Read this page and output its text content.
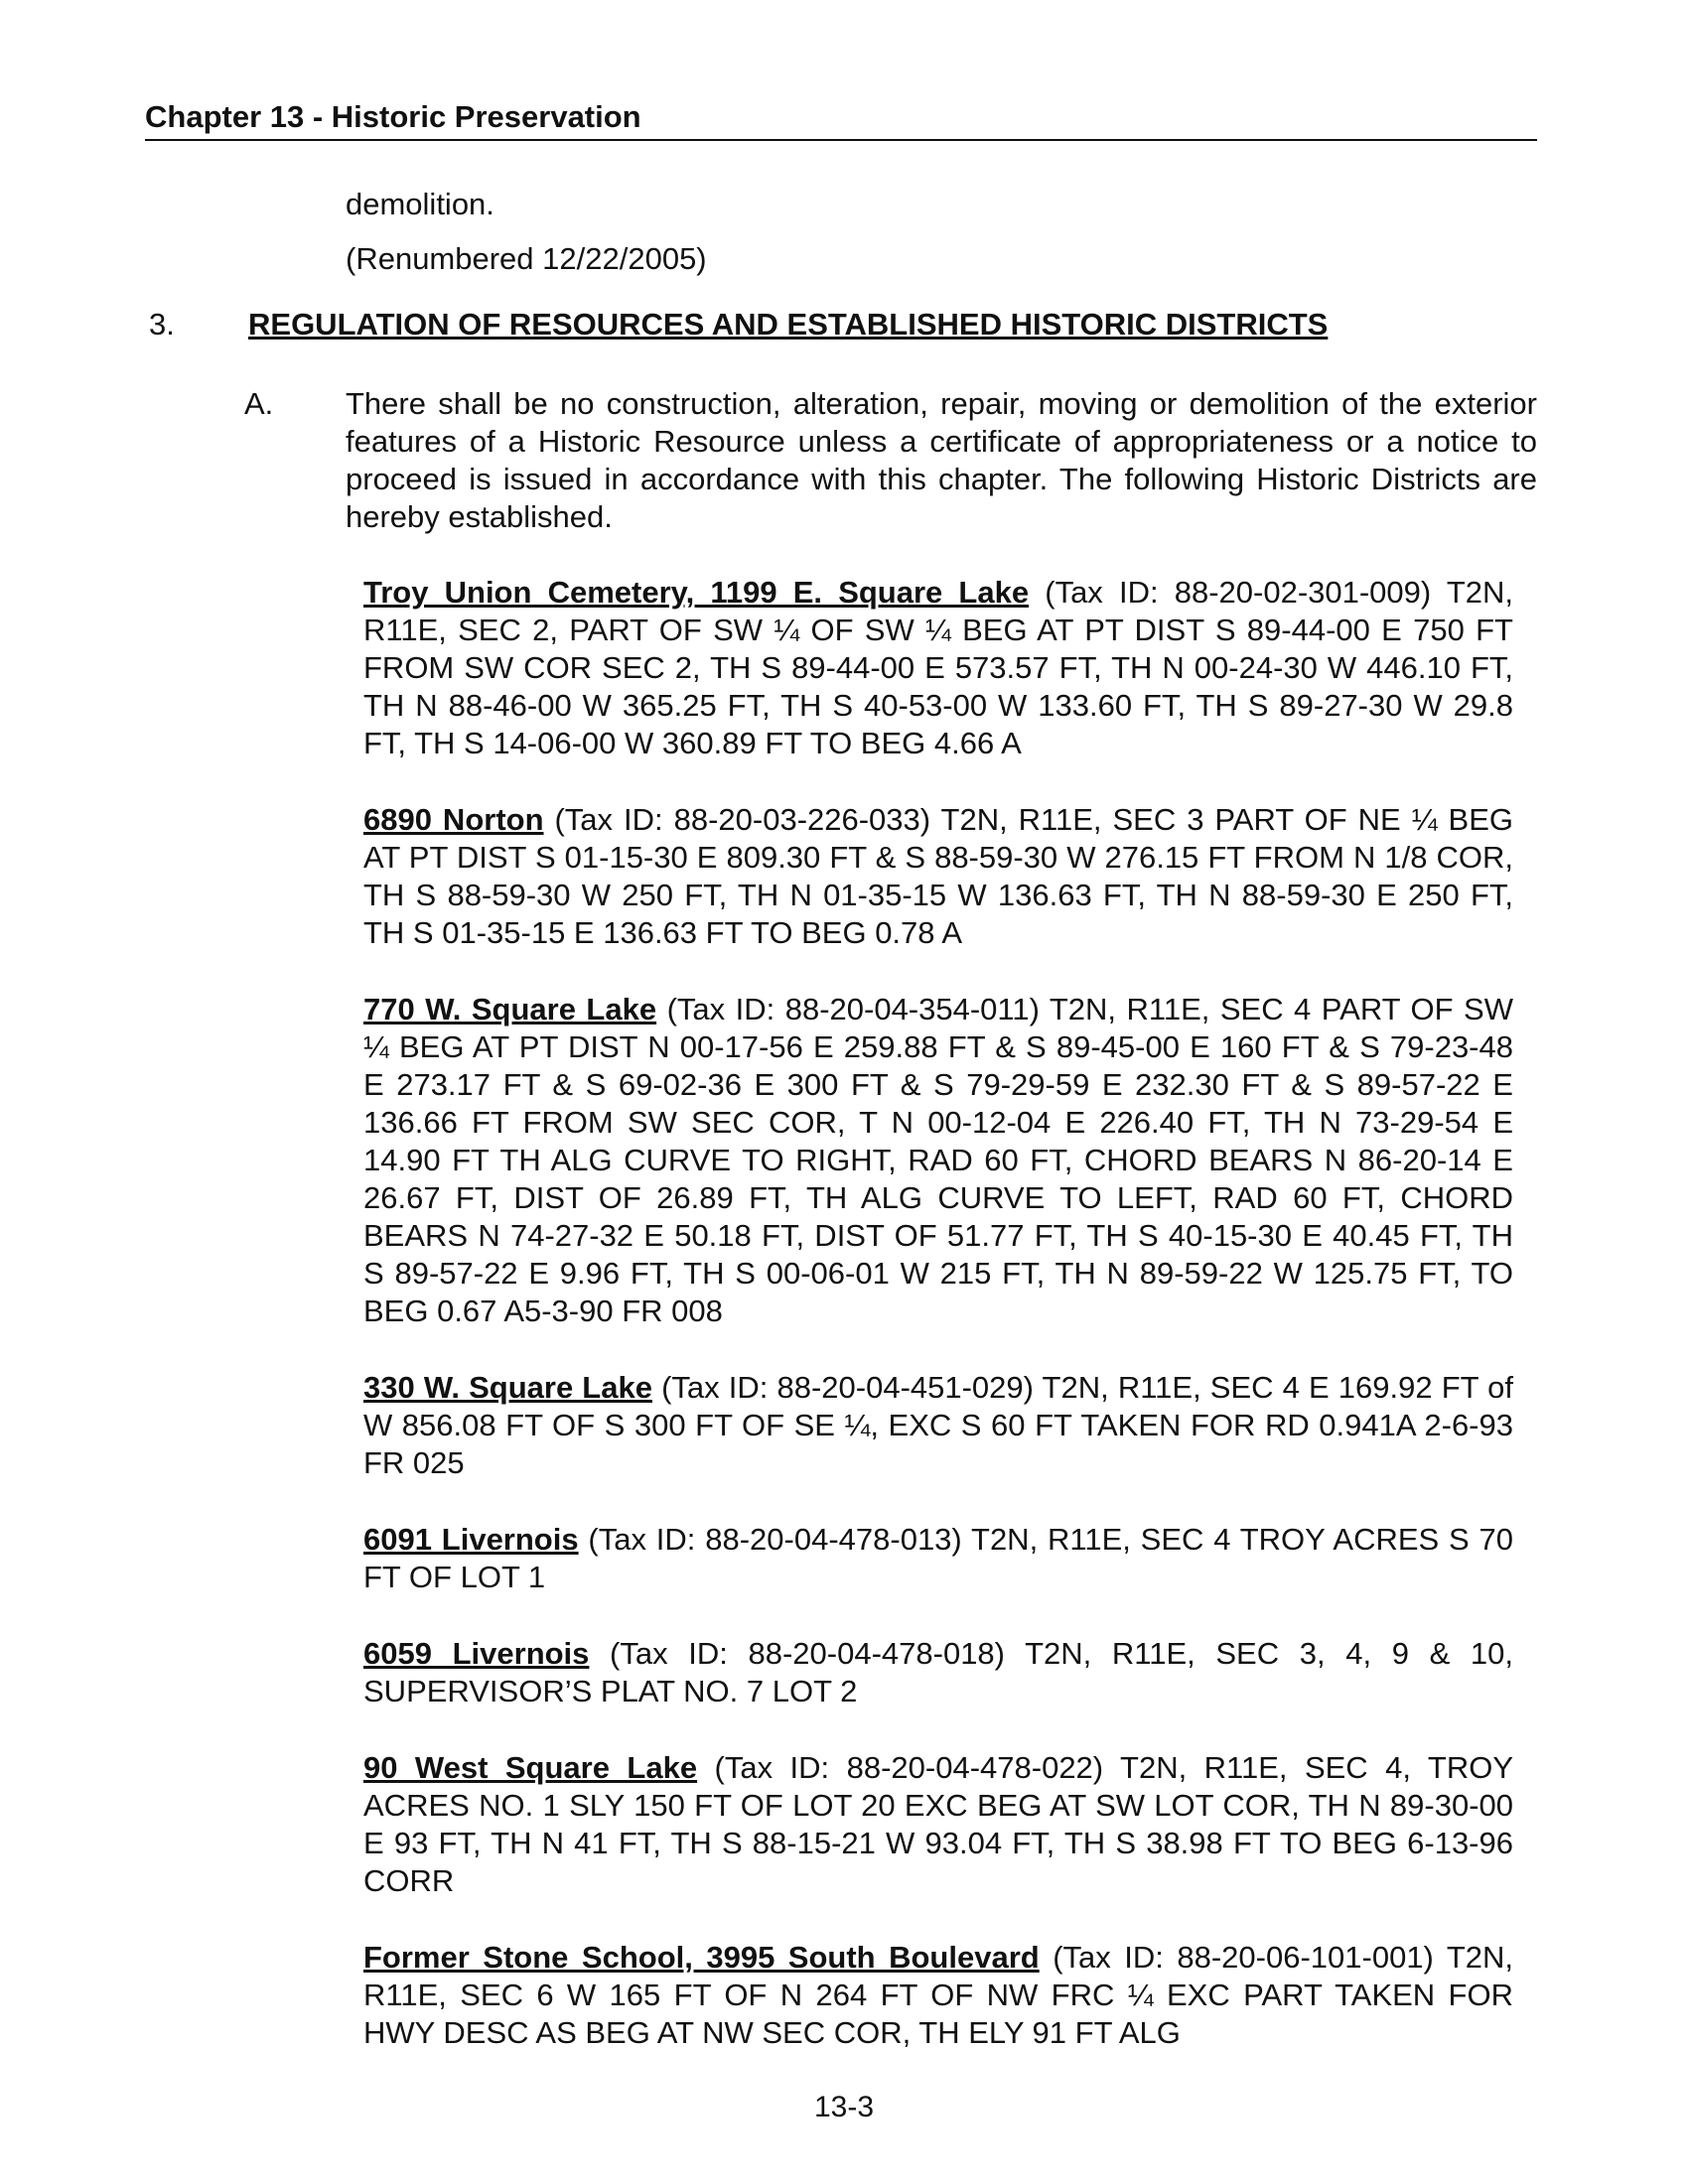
Chapter 13 - Historic Preservation

demolition.

(Renumbered 12/22/2005)

3. REGULATION OF RESOURCES AND ESTABLISHED HISTORIC DISTRICTS
A. There shall be no construction, alteration, repair, moving or demolition of the exterior features of a Historic Resource unless a certificate of appropriateness or a notice to proceed is issued in accordance with this chapter. The following Historic Districts are hereby established.

Troy Union Cemetery, 1199 E. Square Lake (Tax ID: 88-20-02-301-009) T2N, R11E, SEC 2, PART OF SW ¼ OF SW ¼ BEG AT PT DIST S 89-44-00 E 750 FT FROM SW COR SEC 2, TH S 89-44-00 E 573.57 FT, TH N 00-24-30 W 446.10 FT, TH N 88-46-00 W 365.25 FT, TH S 40-53-00 W 133.60 FT, TH S 89-27-30 W 29.8 FT, TH S 14-06-00 W 360.89 FT TO BEG 4.66 A

6890 Norton (Tax ID: 88-20-03-226-033) T2N, R11E, SEC 3 PART OF NE ¼ BEG AT PT DIST S 01-15-30 E 809.30 FT & S 88-59-30 W 276.15 FT FROM N 1/8 COR, TH S 88-59-30 W 250 FT, TH N 01-35-15 W 136.63 FT, TH N 88-59-30 E 250 FT, TH S 01-35-15 E 136.63 FT TO BEG 0.78 A

770 W. Square Lake (Tax ID: 88-20-04-354-011) T2N, R11E, SEC 4 PART OF SW ¼ BEG AT PT DIST N 00-17-56 E 259.88 FT & S 89-45-00 E 160 FT & S 79-23-48 E 273.17 FT & S 69-02-36 E 300 FT & S 79-29-59 E 232.30 FT & S 89-57-22 E 136.66 FT FROM SW SEC COR, T N 00-12-04 E 226.40 FT, TH N 73-29-54 E 14.90 FT TH ALG CURVE TO RIGHT, RAD 60 FT, CHORD BEARS N 86-20-14 E 26.67 FT, DIST OF 26.89 FT, TH ALG CURVE TO LEFT, RAD 60 FT, CHORD BEARS N 74-27-32 E 50.18 FT, DIST OF 51.77 FT, TH S 40-15-30 E 40.45 FT, TH S 89-57-22 E 9.96 FT, TH S 00-06-01 W 215 FT, TH N 89-59-22 W 125.75 FT, TO BEG 0.67 A5-3-90 FR 008

330 W. Square Lake (Tax ID: 88-20-04-451-029) T2N, R11E, SEC 4 E 169.92 FT of W 856.08 FT OF S 300 FT OF SE ¼, EXC S 60 FT TAKEN FOR RD 0.941A 2-6-93 FR 025

6091 Livernois (Tax ID: 88-20-04-478-013) T2N, R11E, SEC 4 TROY ACRES S 70 FT OF LOT 1

6059 Livernois (Tax ID: 88-20-04-478-018) T2N, R11E, SEC 3, 4, 9 & 10, SUPERVISOR’S PLAT NO. 7 LOT 2

90 West Square Lake (Tax ID: 88-20-04-478-022) T2N, R11E, SEC 4, TROY ACRES NO. 1 SLY 150 FT OF LOT 20 EXC BEG AT SW LOT COR, TH N 89-30-00 E 93 FT, TH N 41 FT, TH S 88-15-21 W 93.04 FT, TH S 38.98 FT TO BEG 6-13-96 CORR

Former Stone School, 3995 South Boulevard (Tax ID: 88-20-06-101-001) T2N, R11E, SEC 6 W 165 FT OF N 264 FT OF NW FRC ¼ EXC PART TAKEN FOR HWY DESC AS BEG AT NW SEC COR, TH ELY 91 FT ALG

13-3
